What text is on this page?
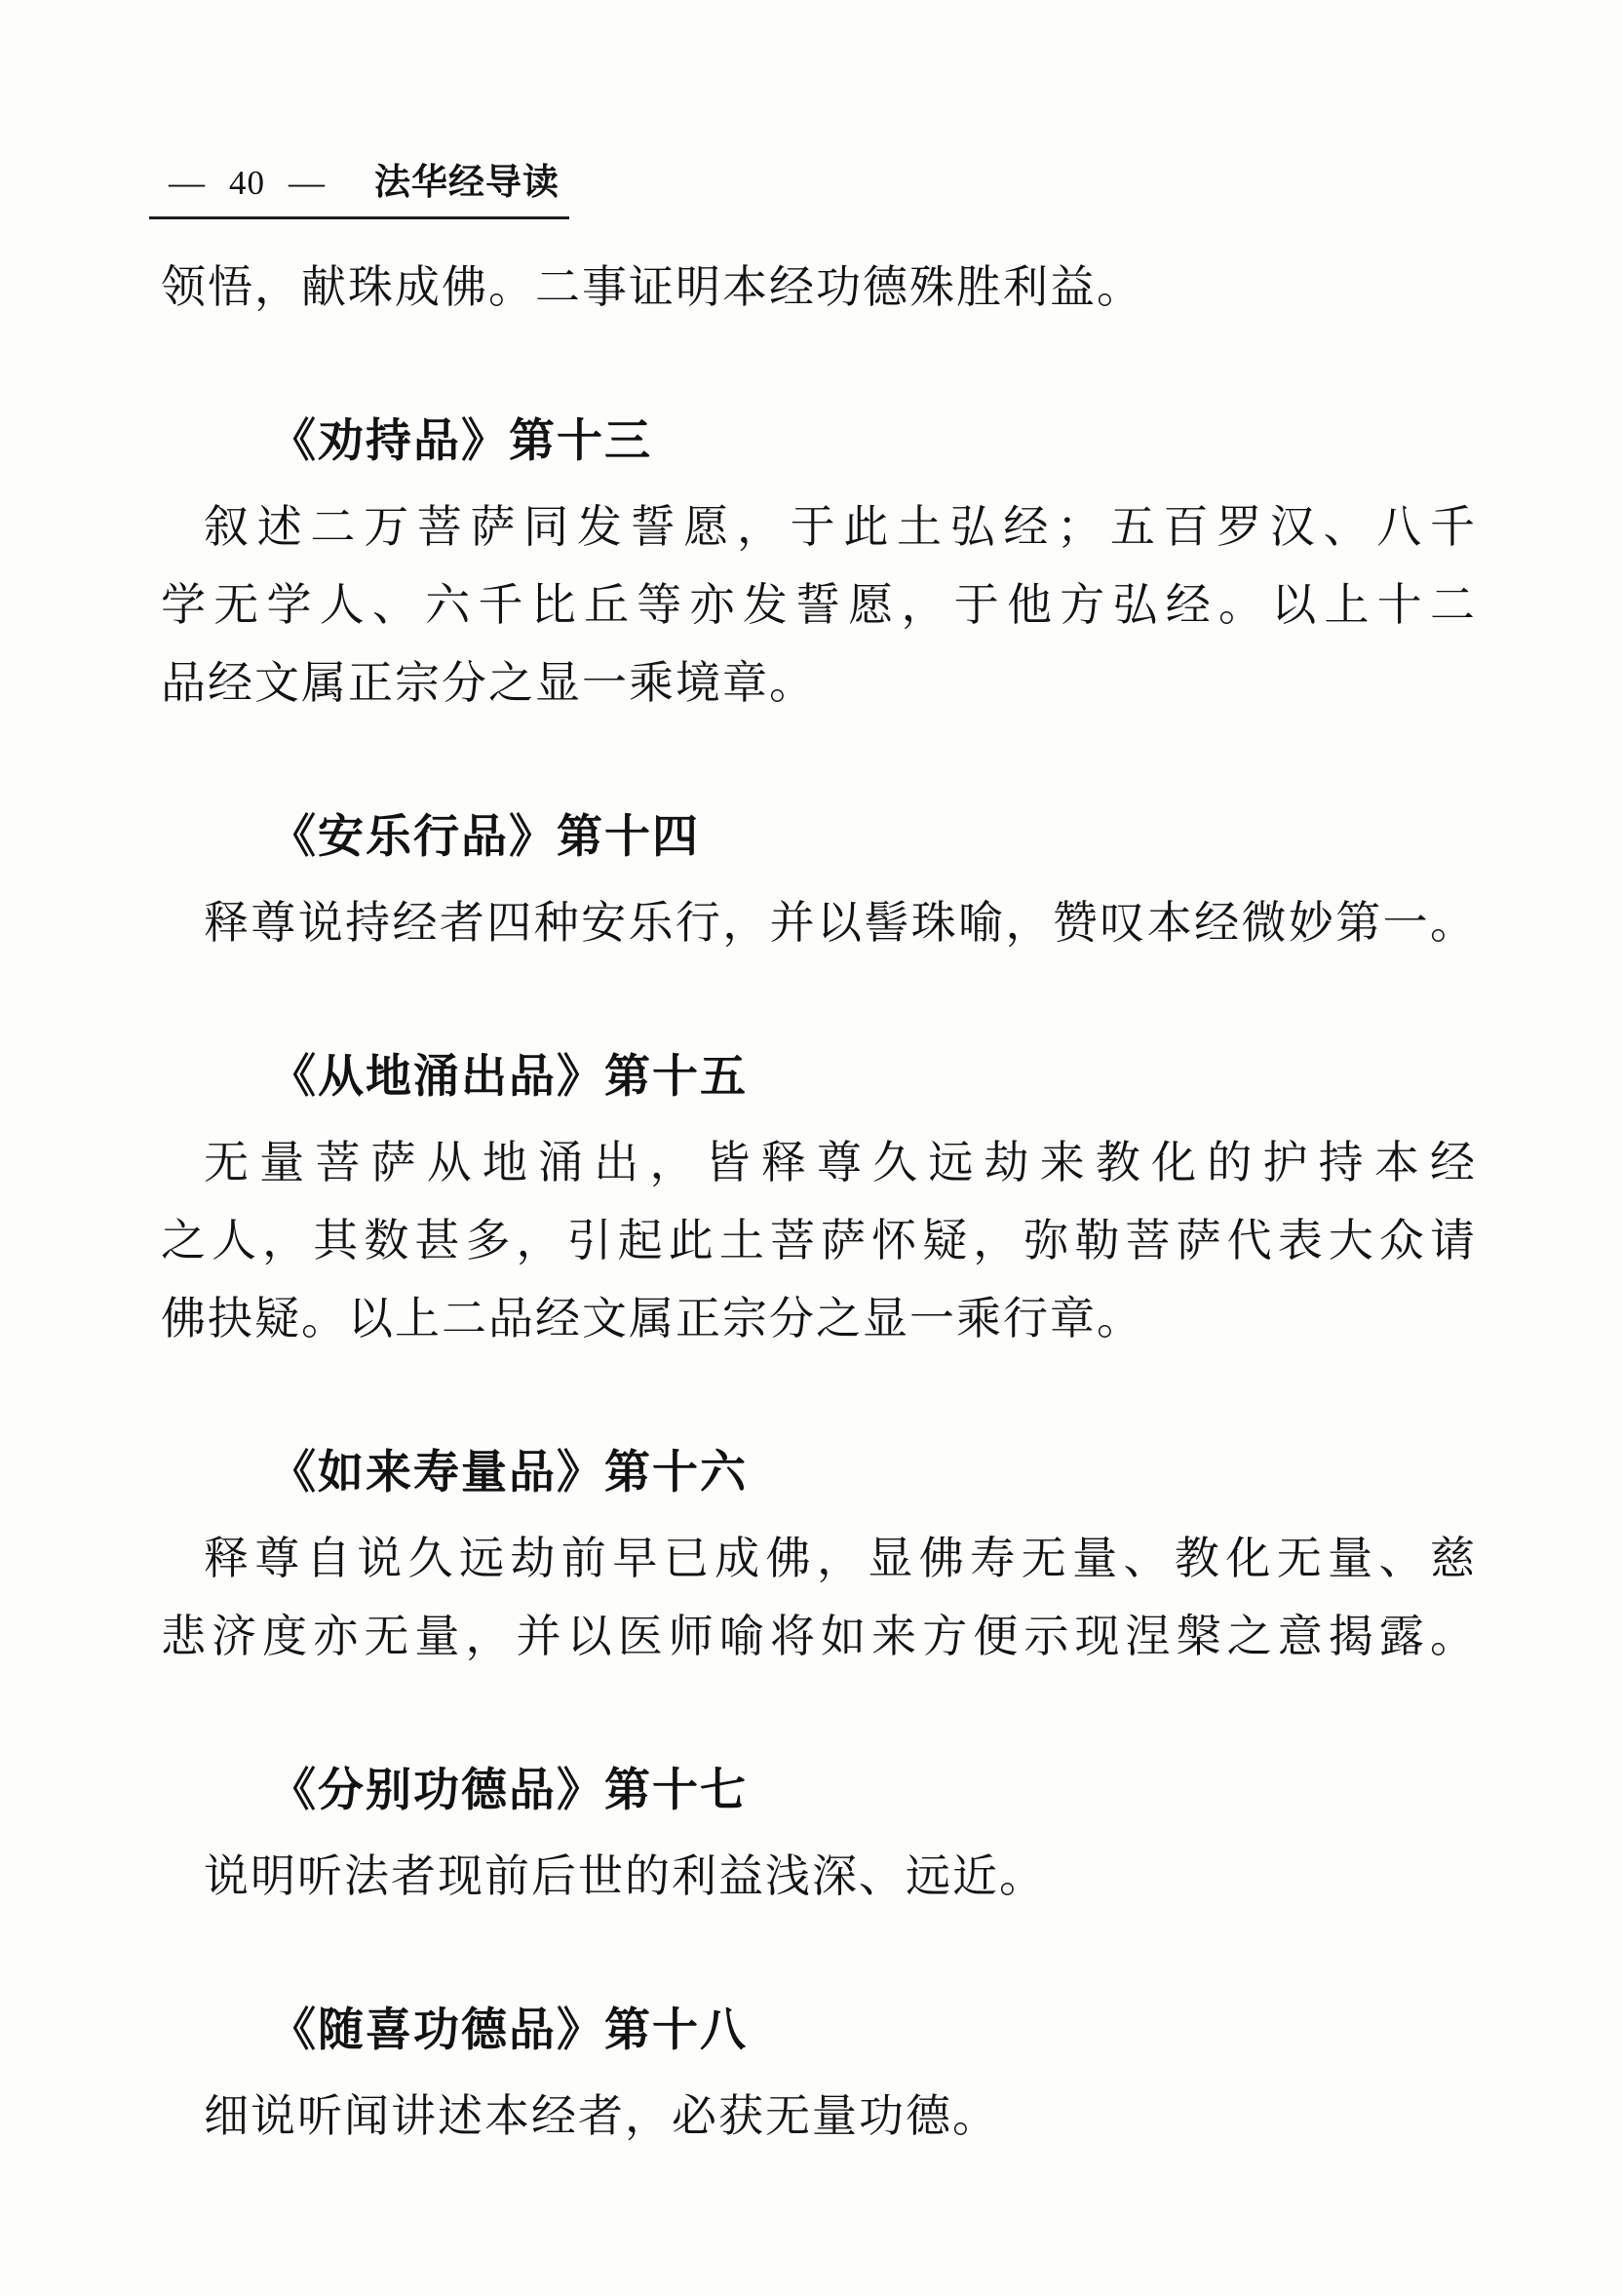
— 40 — 法华经导读
领悟，献珠成佛。二事证明本经功德殊胜利益。
《劝持品》第十三
叙述二万菩萨同发誓愿，于此土弘经；五百罗汉、八千
学无学人、六千比丘等亦发誓愿，于他方弘经。以上十二
品经文属正宗分之显一乘境章。
《安乐行品》第十四
释尊说持经者四种安乐行，并以髻珠喻，赞叹本经微妙第一。
《从地涌出品》第十五
无量菩萨从地涌出，皆释尊久远劫来教化的护持本经
之人，其数甚多，引起此土菩萨怀疑，弥勒菩萨代表大众请
佛抉疑。以上二品经文属正宗分之显一乘行章。
《如来寿量品》第十六
释尊自说久远劫前早已成佛，显佛寿无量、教化无量、慈
悲济度亦无量，并以医师喻将如来方便示现涅槃之意揭露。
《分别功德品》第十七
说明听法者现前后世的利益浅深、远近。
《随喜功德品》第十八
细说听闻讲述本经者，必获无量功德。
